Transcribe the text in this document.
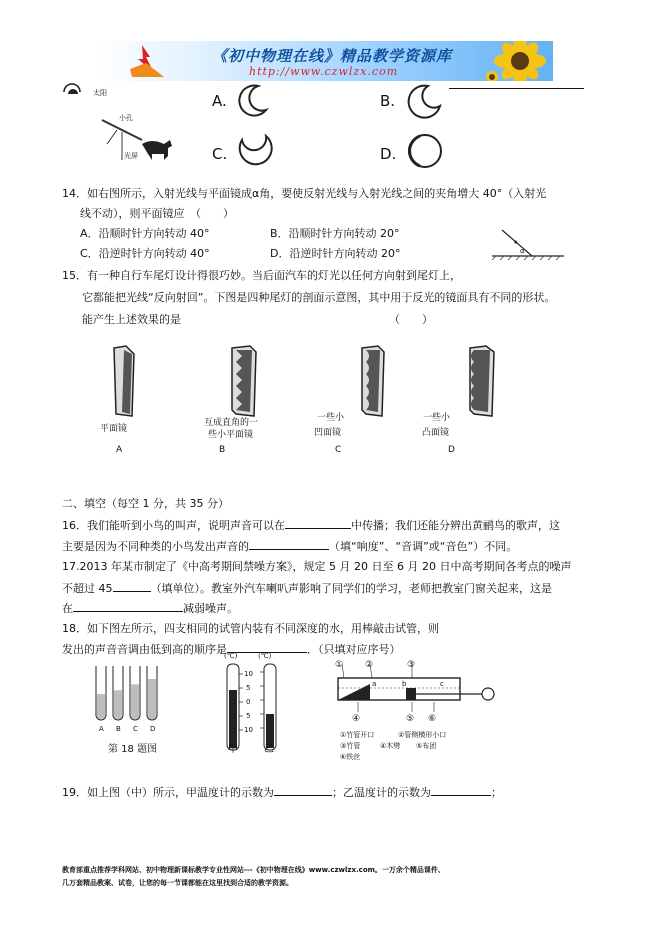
《初中物理在线》精品教学资源库
http://www.czwlzx.com
太阳
小孔
光屏
A.	B.
C.	D.
14．如右图所示，入射光线与平面镜成α角，要使反射光线与入射光线之间的夹角增大 40°（入射光
线不动），则平面镜应　（　　）
A．沿顺时针方向转动 40°	B．沿顺时针方向转动 20°
C．沿逆时针方向转动 40°	D．沿逆时针方向转动 20°	α
15．有一种自行车尾灯设计得很巧妙。当后面汽车的灯光以任何方向射到尾灯上，
它都能把光线“反向射回”。下图是四种尾灯的剖面示意图，其中用于反光的镜面具有不同的形状。
能产生上述效果的是	（　　）
平面镜
A
互成直角的一
些小平面镜
B
一些小
凹面镜
C
一些小
凸面镜
D
二、填空（每空 1 分，共 35 分）
16．我们能听到小鸟的叫声，说明声音可以在	中传播；我们还能分辨出黄鹂鸟的歌声，这
主要是因为不同种类的小鸟发出声音的	（填“响度”、“音调”或“音色”）不同。
17.2013 年某市制定了《中高考期间禁噪方案》，规定 5 月 20 日至 6 月 20 日中高考期间各考点的噪声
不超过 45	（填单位）。教室外汽车喇叭声影响了同学们的学习，老师把教室门窗关起来，这是
在	减弱噪声。
18．如下图左所示，四支相同的试管内装有不同深度的水，用棒敲击试管，则
发出的声音音调由低到高的顺序是	．（只填对应序号）
A B C D
第 18 题图
(℃)	(℃)
10
5
0
5
10
甲	乙
① ②	③
a	b	c
④	⑤ ⑥
①竹管开口	②管侧横形小口
③竹管	④木劈 ⑤布团
⑥铁丝
19．如上图（中）所示，甲温度计的示数为	；乙温度计的示数为	；
教育部重点推荐学科网站、初中物理新课标教学专业性网站---《初中物理在线》www.czwlzx.com。一万余个精品课件、
几万套精品教案、试卷，让您的每一节课都能在这里找到合适的教学资源。
